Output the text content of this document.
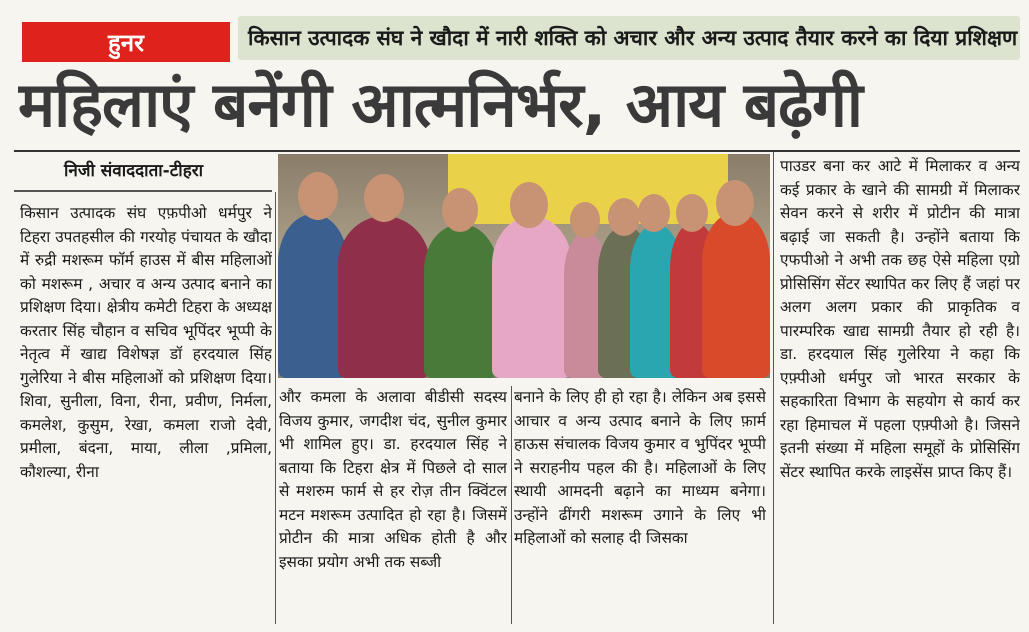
हुनर	किसान उत्पादक संघ ने खौदा में नारी शक्ति को अचार और अन्य उत्पाद तैयार करने का दिया प्रशिक्षण
महिलाएं बनेंगी आत्मनिर्भर, आय बढ़ेगी
निजी संवाददाता-टीहरा
किसान उत्पादक संघ एफ़पीओ धर्मपुर ने टिहरा उपतहसील की गरयोह पंचायत के खौदा में रुद्री मशरूम फॉर्म हाउस में बीस महिलाओं को मशरूम , अचार व अन्य उत्पाद बनाने का प्रशिक्षण दिया। क्षेत्रीय कमेटी टिहरा के अध्यक्ष करतार सिंह चौहान व सचिव भूपिंदर भूप्पी के नेतृत्व में खाद्य विशेषज्ञ डॉ हरदयाल सिंह गुलेरिया ने बीस महिलाओं को प्रशिक्षण दिया। शिवा, सुनीला, विना, रीना, प्रवीण, निर्मला, कमलेश, कुसुम, रेखा, कमला राजो देवी, प्रमीला, बंदना, माया, लीला ,प्रमिला, कौशल्या, रीना
और कमला के अलावा बीडीसी सदस्य विजय कुमार, जगदीश चंद, सुनील कुमार भी शामिल हुए। डा. हरदयाल सिंह ने बताया कि टिहरा क्षेत्र में पिछले दो साल से मशरुम फार्म से हर रोज़ तीन क्विंटल मटन मशरूम उत्पादित हो रहा है। जिसमें प्रोटीन की मात्रा अधिक होती है और इसका प्रयोग अभी तक सब्जी
बनाने के लिए ही हो रहा है। लेकिन अब इससे आचार व अन्य उत्पाद बनाने के लिए फ़ार्म हाऊस संचालक विजय कुमार व भुपिंदर भूप्पी ने सराहनीय पहल की है। महिलाओं के लिए स्थायी आमदनी बढ़ाने का माध्यम बनेगा। उन्होंने ढींगरी मशरूम उगाने के लिए भी महिलाओं को सलाह दी जिसका
पाउडर बना कर आटे में मिलाकर व अन्य कई प्रकार के खाने की सामग्री में मिलाकर सेवन करने से शरीर में प्रोटीन की मात्रा बढ़ाई जा सकती है। उन्होंने बताया कि एफपीओ ने अभी तक छह ऐसे महिला एग्रो प्रोसिसिंग सेंटर स्थापित कर लिए हैं जहां पर अलग अलग प्रकार की प्राकृतिक व पारम्परिक खाद्य सामग्री तैयार हो रही है। डा. हरदयाल सिंह गुलेरिया ने कहा कि एफ़्पीओ धर्मपुर जो भारत सरकार के सहकारिता विभाग के सहयोग से कार्य कर रहा हिमाचल में पहला एफ़्पीओ है। जिसने इतनी संख्या में महिला समूहों के प्रोसिसिंग सेंटर स्थापित करके लाइसेंस प्राप्त किए हैं।
